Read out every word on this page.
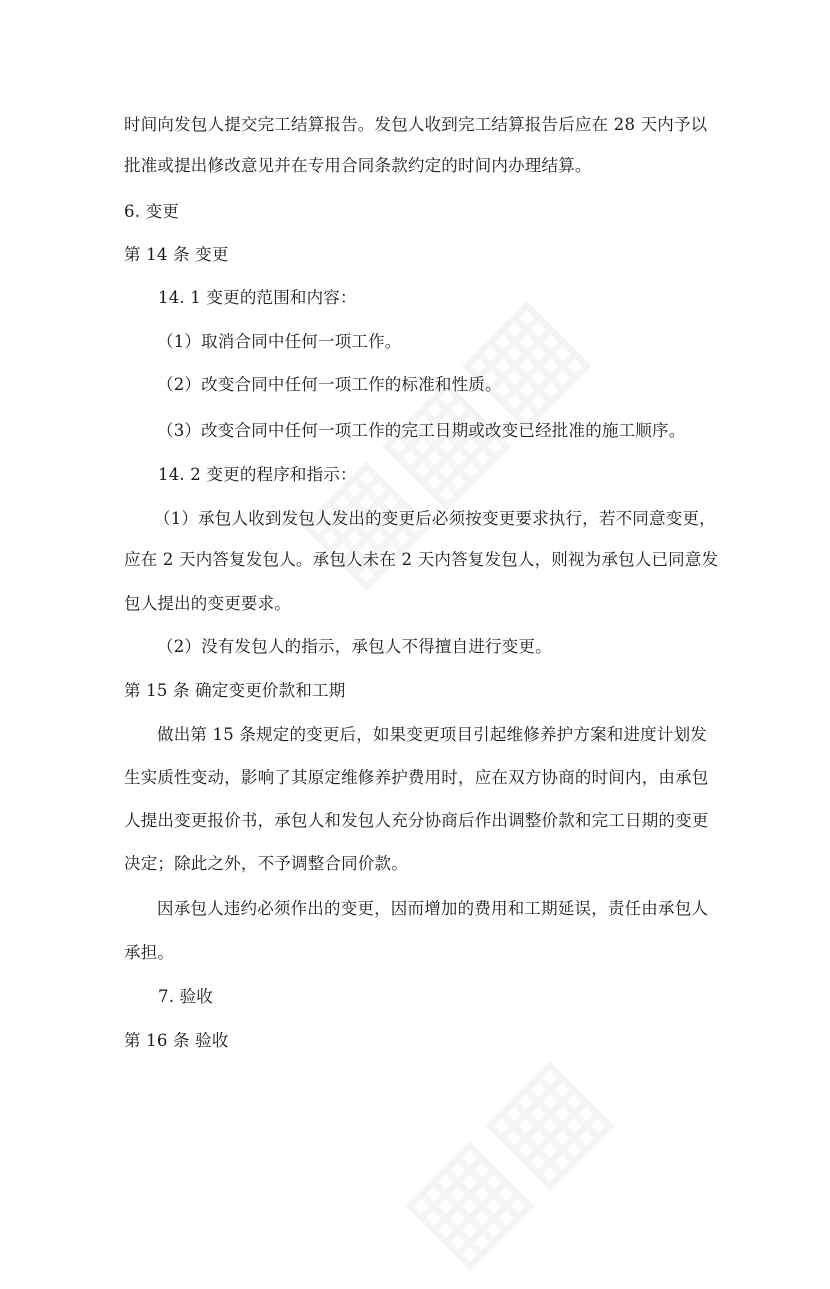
时间向发包人提交完工结算报告。发包人收到完工结算报告后应在 28 天内予以
批准或提出修改意见并在专用合同条款约定的时间内办理结算。
6. 变更
第 14 条 变更
14. 1 变更的范围和内容：
（1）取消合同中任何一项工作。
（2）改变合同中任何一项工作的标准和性质。
（3）改变合同中任何一项工作的完工日期或改变已经批准的施工顺序。
14. 2 变更的程序和指示：
（1）承包人收到发包人发出的变更后必须按变更要求执行，若不同意变更，
应在 2 天内答复发包人。承包人未在 2 天内答复发包人，则视为承包人已同意发
包人提出的变更要求。
（2）没有发包人的指示，承包人不得擅自进行变更。
第 15 条 确定变更价款和工期
做出第 15 条规定的变更后，如果变更项目引起维修养护方案和进度计划发
生实质性变动，影响了其原定维修养护费用时，应在双方协商的时间内，由承包
人提出变更报价书，承包人和发包人充分协商后作出调整价款和完工日期的变更
决定；除此之外，不予调整合同价款。
因承包人违约必须作出的变更，因而增加的费用和工期延误，责任由承包人
承担。
7. 验收
第 16 条 验收
